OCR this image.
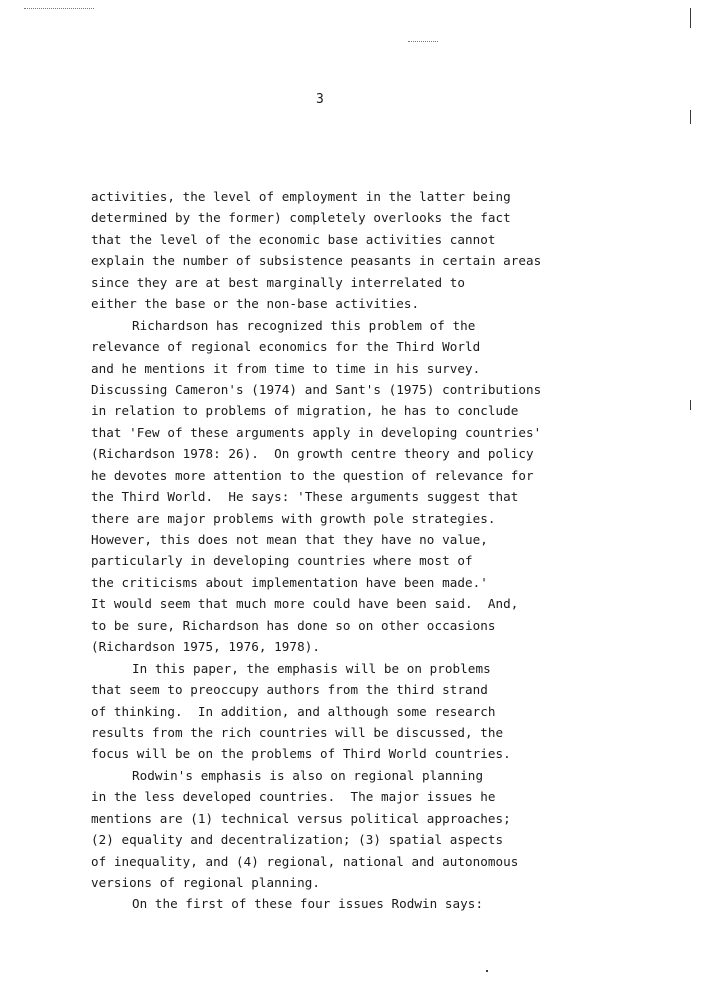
3
activities, the level of employment in the latter being
determined by the former) completely overlooks the fact
that the level of the economic base activities cannot
explain the number of subsistence peasants in certain areas
since they are at best marginally interrelated to
either the base or the non-base activities.
Richardson has recognized this problem of the
relevance of regional economics for the Third World
and he mentions it from time to time in his survey.
Discussing Cameron's (1974) and Sant's (1975) contributions
in relation to problems of migration, he has to conclude
that 'Few of these arguments apply in developing countries'
(Richardson 1978: 26).  On growth centre theory and policy
he devotes more attention to the question of relevance for
the Third World.  He says: 'These arguments suggest that
there are major problems with growth pole strategies.
However, this does not mean that they have no value,
particularly in developing countries where most of
the criticisms about implementation have been made.'
It would seem that much more could have been said.  And,
to be sure, Richardson has done so on other occasions
(Richardson 1975, 1976, 1978).
In this paper, the emphasis will be on problems
that seem to preoccupy authors from the third strand
of thinking.  In addition, and although some research
results from the rich countries will be discussed, the
focus will be on the problems of Third World countries.
Rodwin's emphasis is also on regional planning
in the less developed countries.  The major issues he
mentions are (1) technical versus political approaches;
(2) equality and decentralization; (3) spatial aspects
of inequality, and (4) regional, national and autonomous
versions of regional planning.
On the first of these four issues Rodwin says:
